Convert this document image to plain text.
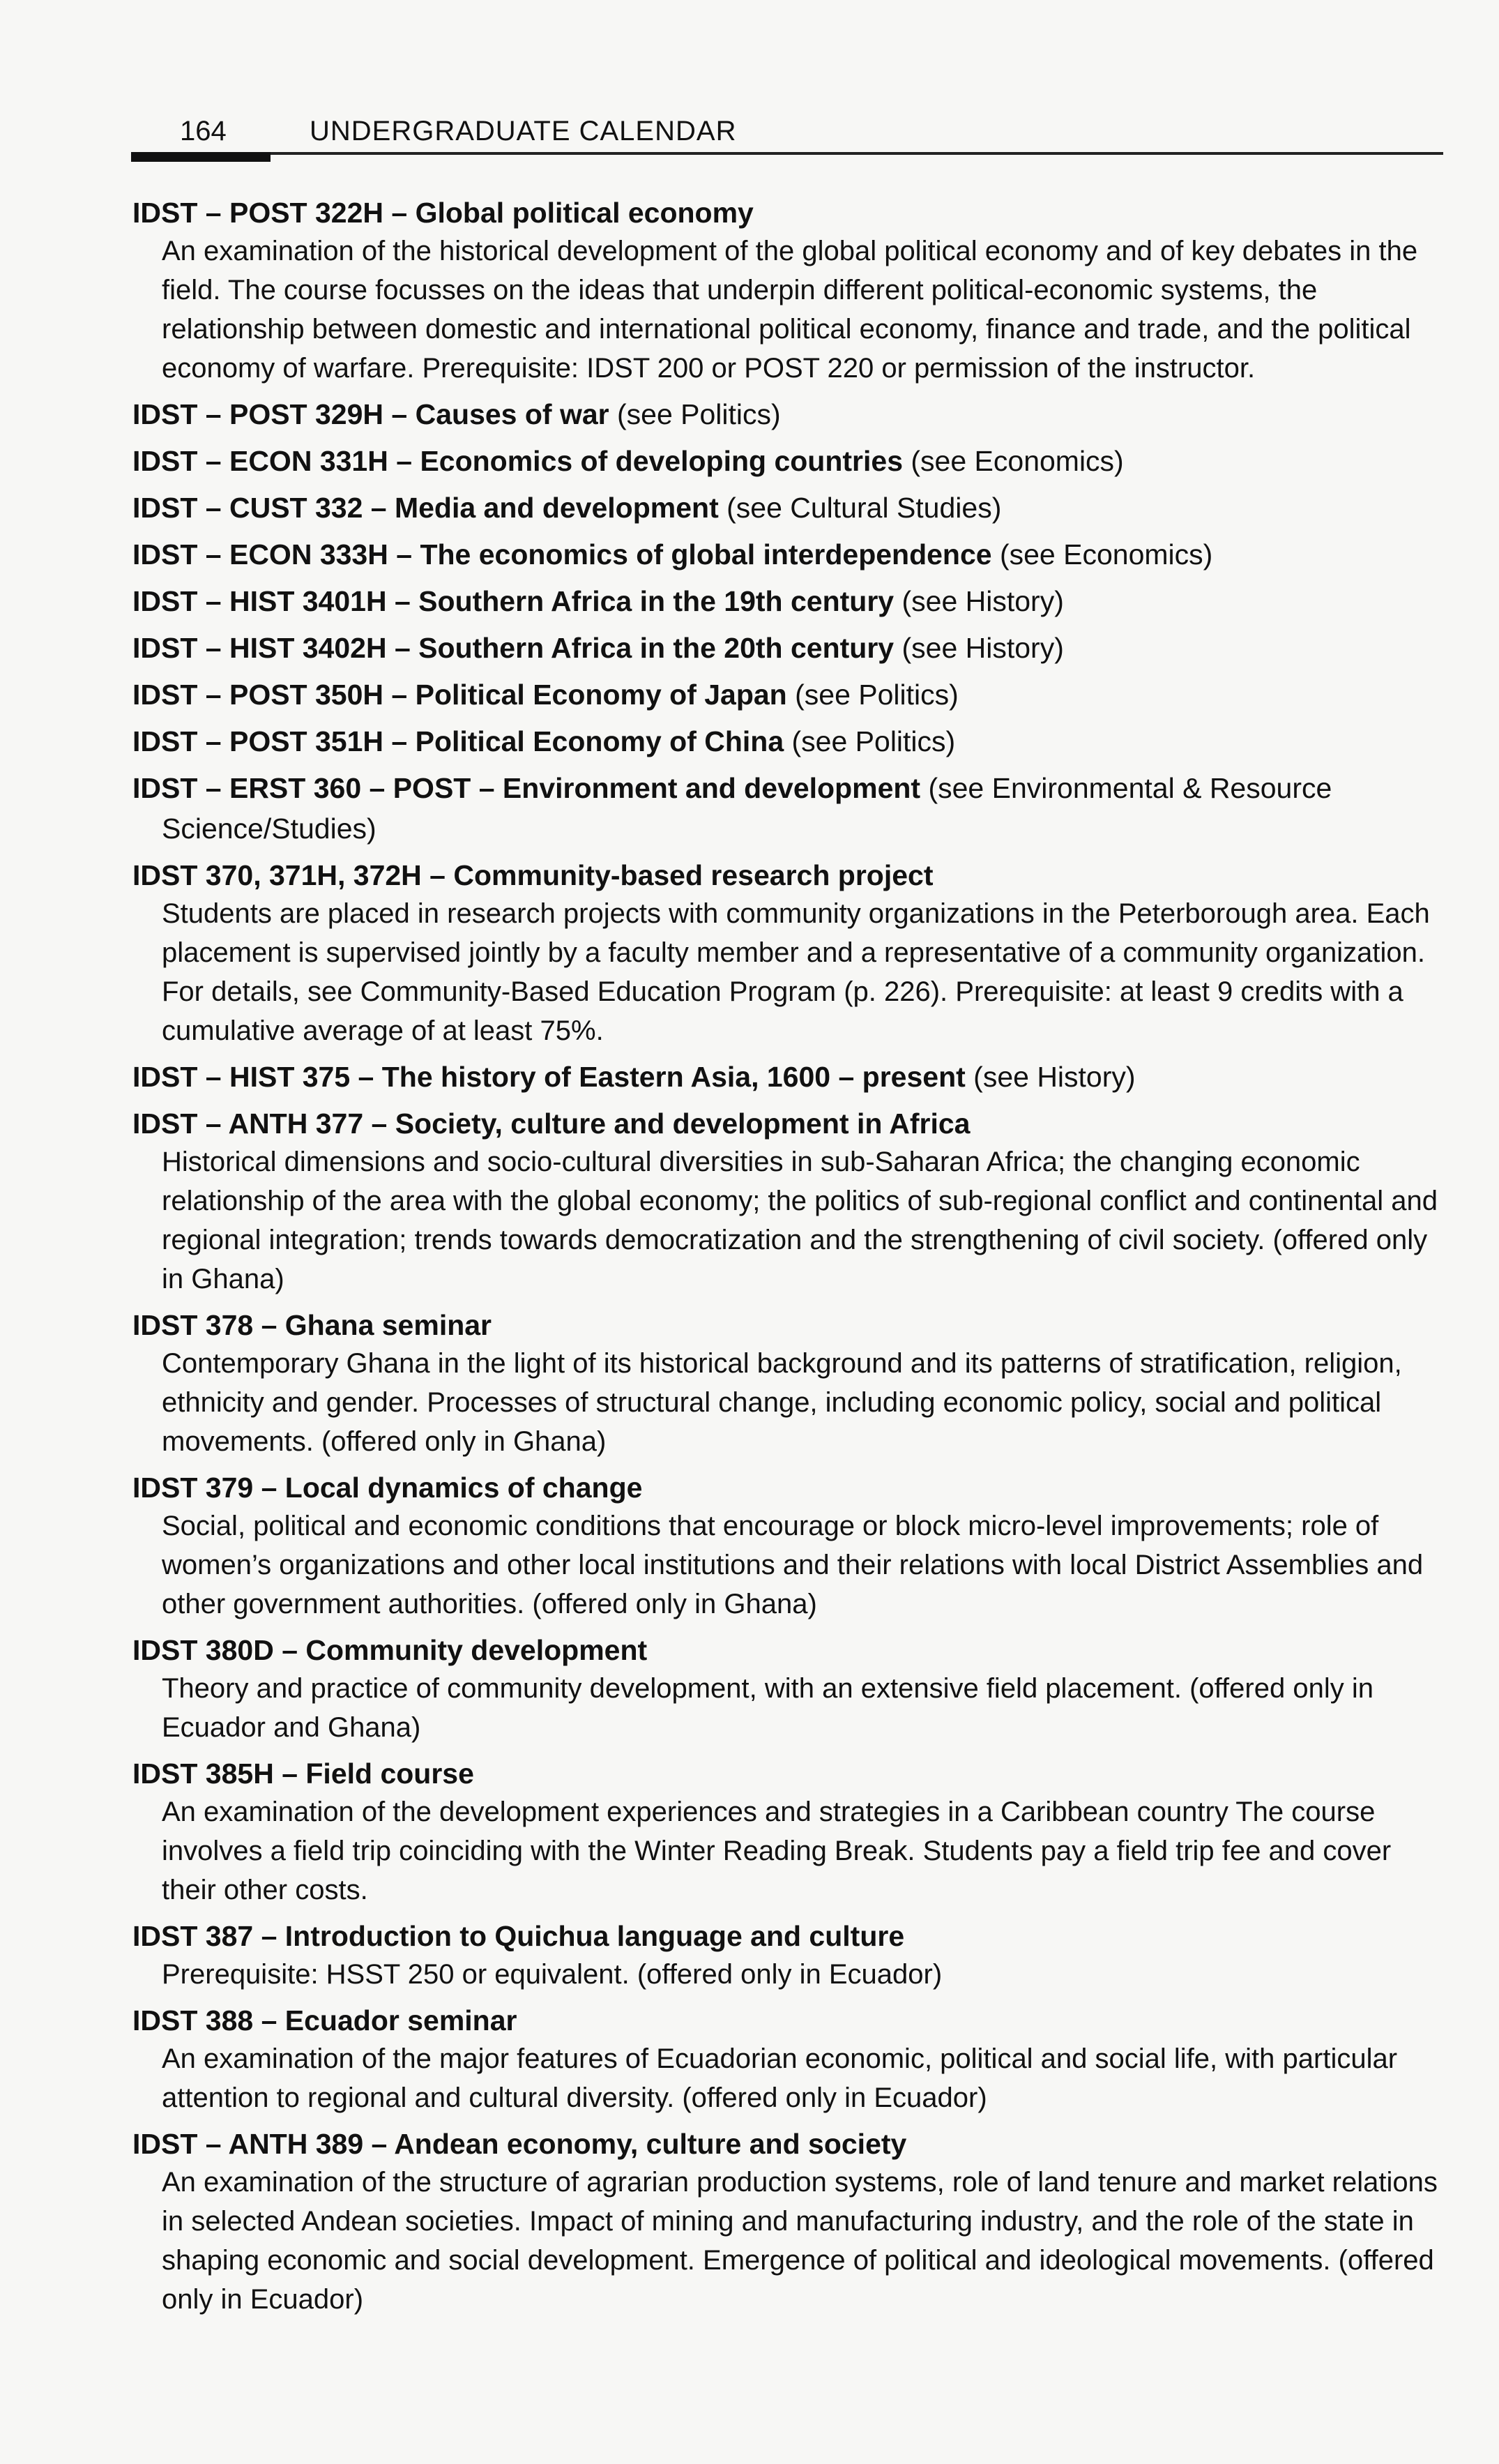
164	UNDERGRADUATE CALENDAR
IDST – POST 322H – Global political economy
An examination of the historical development of the global political economy and of key debates in the field. The course focusses on the ideas that underpin different political-economic systems, the relationship between domestic and international political economy, finance and trade, and the political economy of warfare. Prerequisite: IDST 200 or POST 220 or permission of the instructor.
IDST – POST 329H – Causes of war (see Politics)
IDST – ECON 331H – Economics of developing countries (see Economics)
IDST – CUST 332 – Media and development (see Cultural Studies)
IDST – ECON 333H – The economics of global interdependence (see Economics)
IDST – HIST 3401H – Southern Africa in the 19th century (see History)
IDST – HIST 3402H – Southern Africa in the 20th century (see History)
IDST – POST 350H – Political Economy of Japan (see Politics)
IDST – POST 351H – Political Economy of China (see Politics)
IDST – ERST 360 – POST – Environment and development (see Environmental & Resource
Science/Studies)
IDST 370, 371H, 372H – Community-based research project
Students are placed in research projects with community organizations in the Peterborough area. Each placement is supervised jointly by a faculty member and a representative of a community organization. For details, see Community-Based Education Program (p. 226). Prerequisite: at least 9 credits with a cumulative average of at least 75%.
IDST – HIST 375 – The history of Eastern Asia, 1600 – present (see History)
IDST – ANTH 377 – Society, culture and development in Africa
Historical dimensions and socio-cultural diversities in sub-Saharan Africa; the changing economic relationship of the area with the global economy; the politics of sub-regional conflict and continental and regional integration; trends towards democratization and the strengthening of civil society. (offered only in Ghana)
IDST 378 – Ghana seminar
Contemporary Ghana in the light of its historical background and its patterns of stratification, religion, ethnicity and gender. Processes of structural change, including economic policy, social and political movements. (offered only in Ghana)
IDST 379 – Local dynamics of change
Social, political and economic conditions that encourage or block micro-level improvements; role of women’s organizations and other local institutions and their relations with local District Assemblies and other government authorities. (offered only in Ghana)
IDST 380D – Community development
Theory and practice of community development, with an extensive field placement. (offered only in Ecuador and Ghana)
IDST 385H – Field course
An examination of the development experiences and strategies in a Caribbean country The course involves a field trip coinciding with the Winter Reading Break. Students pay a field trip fee and cover their other costs.
IDST 387 – Introduction to Quichua language and culture
Prerequisite: HSST 250 or equivalent. (offered only in Ecuador)
IDST 388 – Ecuador seminar
An examination of the major features of Ecuadorian economic, political and social life, with particular attention to regional and cultural diversity. (offered only in Ecuador)
IDST – ANTH 389 – Andean economy, culture and society
An examination of the structure of agrarian production systems, role of land tenure and market relations in selected Andean societies. Impact of mining and manufacturing industry, and the role of the state in shaping economic and social development. Emergence of political and ideological movements. (offered only in Ecuador)
